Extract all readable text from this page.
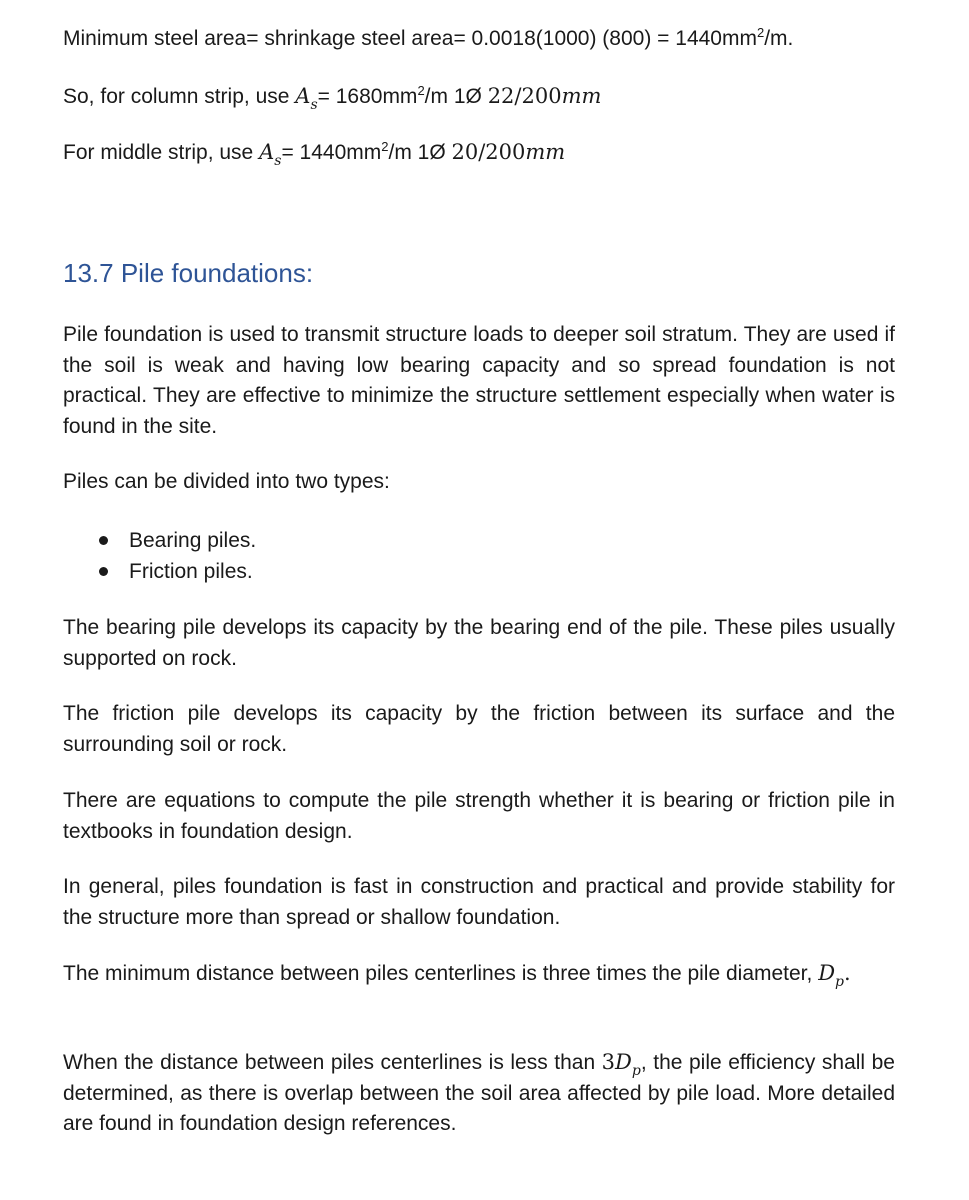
Minimum steel area= shrinkage steel area= 0.0018(1000) $(800) = 1440mm^2/m$.
So, for column strip, use $A_s= 1680mm^2/m$ 1Ø 22/200mm
For middle strip, use $A_s= 1440mm^2/m$ 1Ø 20/200mm
13.7 Pile foundations:
Pile foundation is used to transmit structure loads to deeper soil stratum. They are used if the soil is weak and having low bearing capacity and so spread foundation is not practical. They are effective to minimize the structure settlement especially when water is found in the site.
Piles can be divided into two types:
Bearing piles.
Friction piles.
The bearing pile develops its capacity by the bearing end of the pile. These piles usually supported on rock.
The friction pile develops its capacity by the friction between its surface and the surrounding soil or rock.
There are equations to compute the pile strength whether it is bearing or friction pile in textbooks in foundation design.
In general, piles foundation is fast in construction and practical and provide stability for the structure more than spread or shallow foundation.
The minimum distance between piles centerlines is three times the pile diameter, $D_p$.
When the distance between piles centerlines is less than $3D_p$, the pile efficiency shall be determined, as there is overlap between the soil area affected by pile load. More detailed are found in foundation design references.
